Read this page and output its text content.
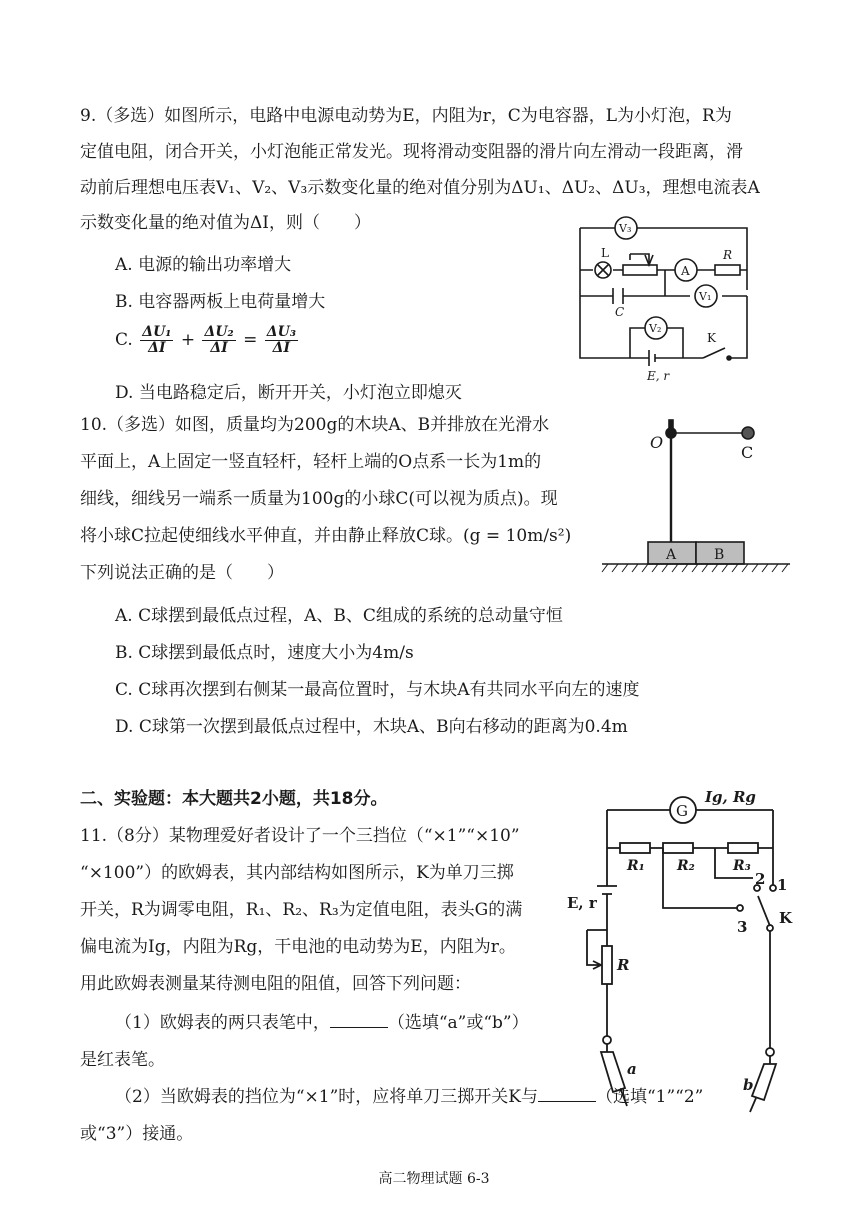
9.（多选）如图所示，电路中电源电动势为E，内阻为r，C为电容器，L为小灯泡，R为
定值电阻，闭合开关，小灯泡能正常发光。现将滑动变阻器的滑片向左滑动一段距离，滑
动前后理想电压表V₁、V₂、V₃示数变化量的绝对值分别为ΔU₁、ΔU₂、ΔU₃，理想电流表A
示数变化量的绝对值为ΔI，则（　　）
A. 电源的输出功率增大
B. 电容器两板上电荷量增大
C. $\frac{\text{ΔU₁}}{\Delta I} + \frac{\text{ΔU₂}}{\Delta I} = \frac{\text{ΔU₃}}{\Delta I}$
D. 当电路稳定后，断开开关，小灯泡立即熄灭
V₃
L
A
R
C
V₁
V₂
K
E, r
10.（多选）如图，质量均为200g的木块A、B并排放在光滑水
平面上，A上固定一竖直轻杆，轻杆上端的O点系一长为1m的
细线，细线另一端系一质量为100g的小球C(可以视为质点)。现
将小球C拉起使细线水平伸直，并由静止释放C球。(g = 10m/s²)
下列说法正确的是（　　）
A. C球摆到最低点过程，A、B、C组成的系统的总动量守恒
B. C球摆到最低点时，速度大小为4m/s
C. C球再次摆到右侧某一最高位置时，与木块A有共同水平向左的速度
D. C球第一次摆到最低点过程中，木块A、B向右移动的距离为0.4m
O
C
A	B
二、实验题：本大题共2小题，共18分。
11.（8分）某物理爱好者设计了一个三挡位（“×1”“×10”
“×100”）的欧姆表，其内部结构如图所示，K为单刀三掷
开关，R为调零电阻，R₁、R₂、R₃为定值电阻，表头G的满
偏电流为Ig，内阻为Rg，干电池的电动势为E，内阻为r。
用此欧姆表测量某待测电阻的阻值，回答下列问题：
（1）欧姆表的两只表笔中，	（选填“a”或“b”）
是红表笔。
（2）当欧姆表的挡位为“×1”时，应将单刀三掷开关K与	（选填“1”“2”
或“3”）接通。
G
Ig, Rg
R₁ R₂	R₃
3
2 1
K
E, r
R
a
b
高二物理试题 6-3
